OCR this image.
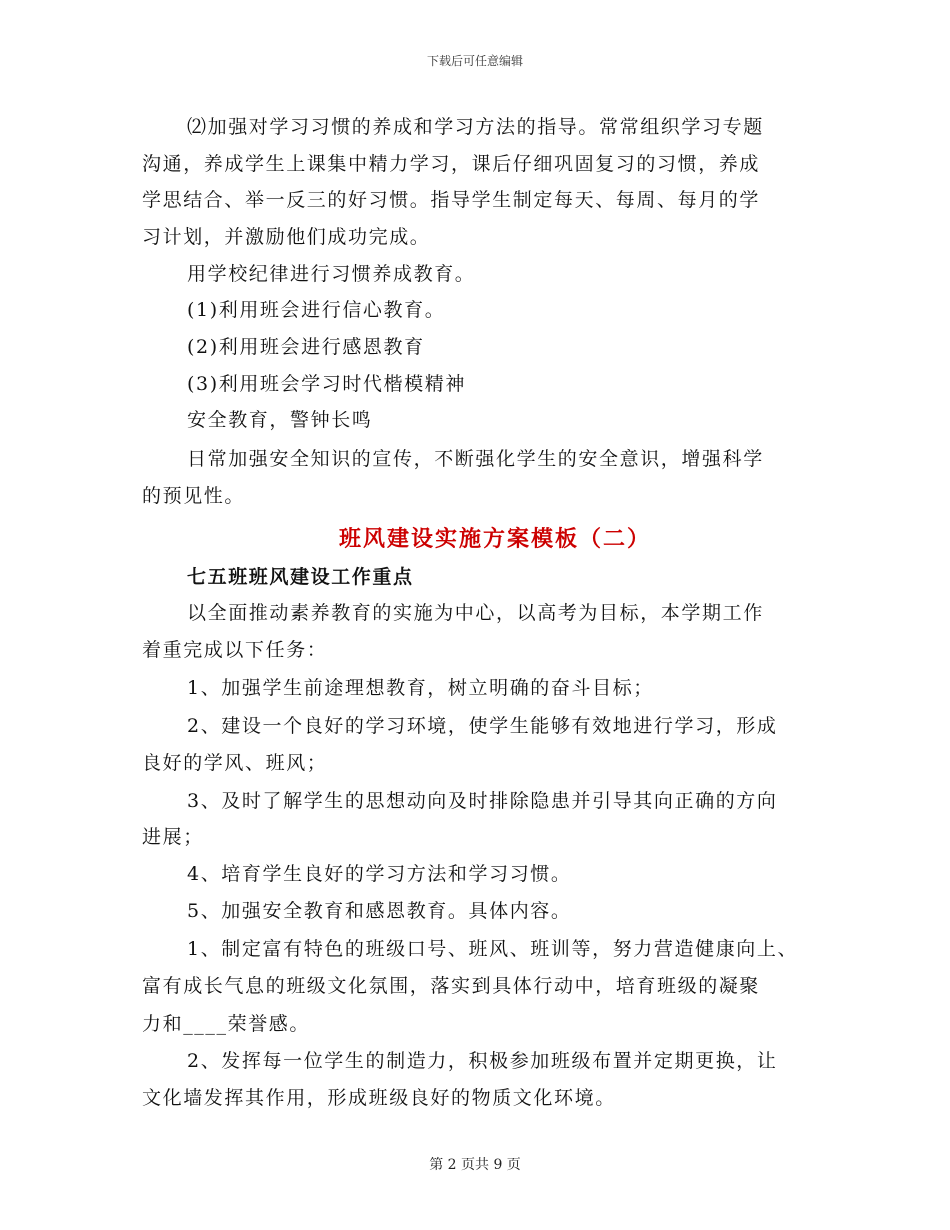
下载后可任意编辑
⑵加强对学习习惯的养成和学习方法的指导。常常组织学习专题
沟通，养成学生上课集中精力学习，课后仔细巩固复习的习惯，养成
学思结合、举一反三的好习惯。指导学生制定每天、每周、每月的学
习计划，并激励他们成功完成。
用学校纪律进行习惯养成教育。
(1)利用班会进行信心教育。
(2)利用班会进行感恩教育
(3)利用班会学习时代楷模精神
安全教育，警钟长鸣
日常加强安全知识的宣传，不断强化学生的安全意识，增强科学
的预见性。
班风建设实施方案模板（二）
七五班班风建设工作重点
以全面推动素养教育的实施为中心，以高考为目标，本学期工作
着重完成以下任务：
1、加强学生前途理想教育，树立明确的奋斗目标；
2、建设一个良好的学习环境，使学生能够有效地进行学习，形成
良好的学风、班风；
3、及时了解学生的思想动向及时排除隐患并引导其向正确的方向
进展；
4、培育学生良好的学习方法和学习习惯。
5、加强安全教育和感恩教育。具体内容。
1、制定富有特色的班级口号、班风、班训等，努力营造健康向上、
富有成长气息的班级文化氛围，落实到具体行动中，培育班级的凝聚
力和____荣誉感。
2、发挥每一位学生的制造力，积极参加班级布置并定期更换，让
文化墙发挥其作用，形成班级良好的物质文化环境。
第 2 页共 9 页
